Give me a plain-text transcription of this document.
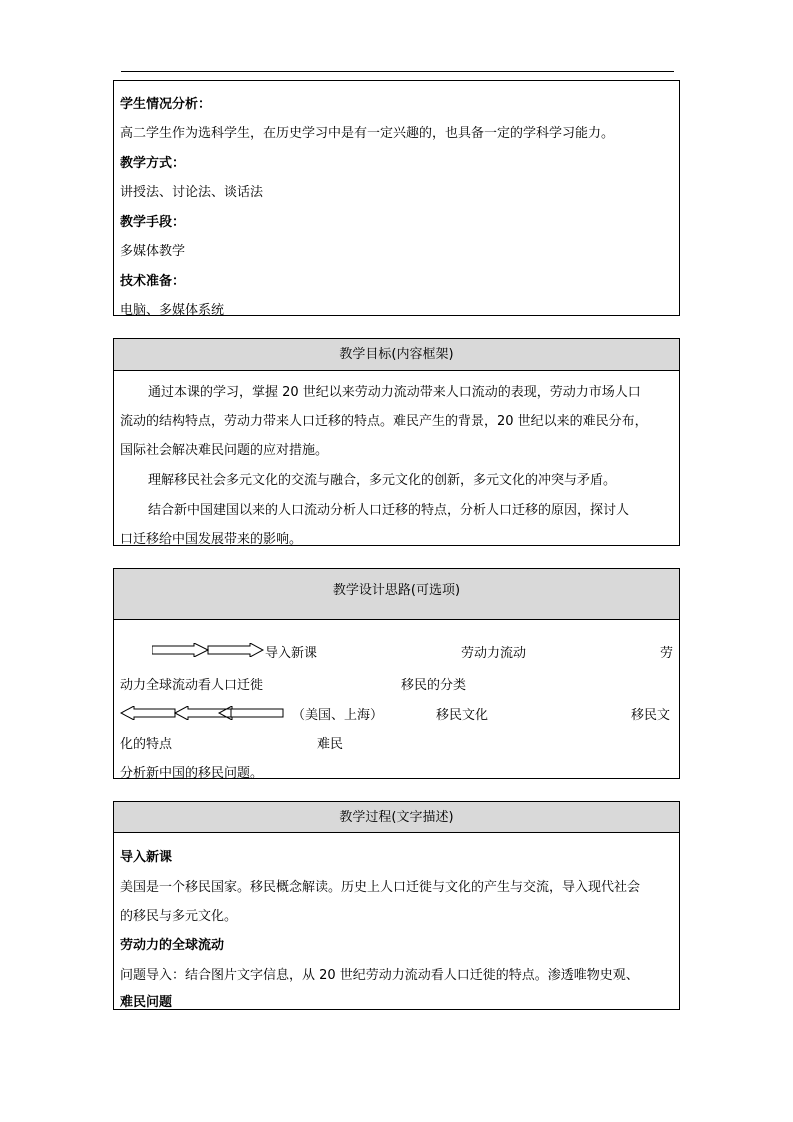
学生情况分析：
高二学生作为选科学生，在历史学习中是有一定兴趣的，也具备一定的学科学习能力。
教学方式：
讲授法、讨论法、谈话法
教学手段：
多媒体教学
技术准备：
电脑、多媒体系统
教学目标(内容框架)
通过本课的学习，掌握 20 世纪以来劳动力流动带来人口流动的表现，劳动力市场人口
流动的结构特点，劳动力带来人口迁移的特点。难民产生的背景，20 世纪以来的难民分布，
国际社会解决难民问题的应对措施。
理解移民社会多元文化的交流与融合，多元文化的创新，多元文化的冲突与矛盾。
结合新中国建国以来的人口流动分析人口迁移的特点，分析人口迁移的原因，探讨人
口迁移给中国发展带来的影响。
教学设计思路(可选项)
导入新课	劳动力流动	劳
动力全球流动看人口迁徙	移民的分类
（美国、上海）	移民文化	移民文
化的特点	难民
分析新中国的移民问题。
教学过程(文字描述)
导入新课
美国是一个移民国家。移民概念解读。历史上人口迁徙与文化的产生与交流，导入现代社会
的移民与多元文化。
劳动力的全球流动
问题导入：结合图片文字信息，从 20 世纪劳动力流动看人口迁徙的特点。渗透唯物史观、
难民问题
